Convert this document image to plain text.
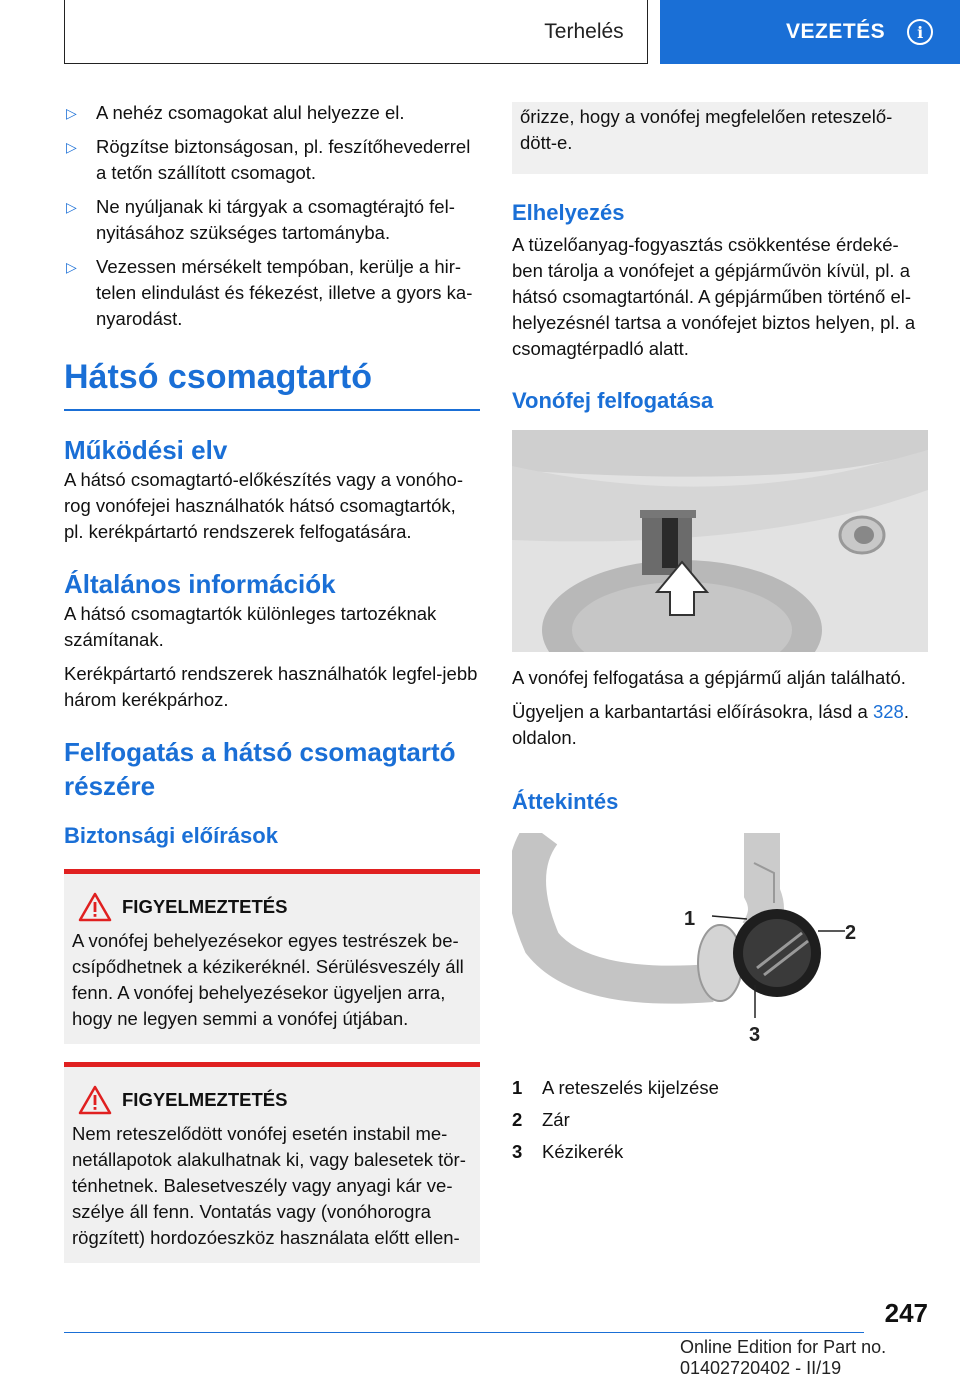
Terhelés	VEZETÉS	i
▷	A nehéz csomagokat alul helyezze el.
▷	Rögzítse biztonságosan, pl. feszítőhevederrel a tetőn szállított csomagot.
▷	Ne nyúljanak ki tárgyak a csomagtérajtó fel-nyitásához szükséges tartományba.
▷	Vezessen mérsékelt tempóban, kerülje a hir-telen elindulást és fékezést, illetve a gyors ka-nyarodást.
Hátsó csomagtartó
Működési elv

A hátsó csomagtartó-előkészítés vagy a vonóho-rog vonófejei használhatók hátsó csomagtartók, pl. kerékpártartó rendszerek felfogatására.

Általános információk

A hátsó csomagtartók különleges tartozéknak számítanak.

Kerékpártartó rendszerek használhatók legfel-jebb három kerékpárhoz.

Felfogatás a hátsó csomagtartó részére
Biztonsági előírások
FIGYELMEZTETÉS

A vonófej behelyezésekor egyes testrészek be-csípődhetnek a kézikeréknél. Sérülésveszély áll fenn. A vonófej behelyezésekor ügyeljen arra, hogy ne legyen semmi a vonófej útjában.

FIGYELMEZTETÉS

Nem reteszelődött vonófej esetén instabil me-netállapotok alakulhatnak ki, vagy balesetek tör-ténhetnek. Balesetveszély vagy anyagi kár ve-szélye áll fenn. Vontatás vagy (vonóhorogra rögzített) hordozóeszköz használata előtt ellen-

őrizze, hogy a vonófej megfelelően reteszelő-dött-e.

Elhelyezés

A tüzelőanyag-fogyasztás csökkentése érdeké-ben tárolja a vonófejet a gépjárművön kívül, pl. a hátsó csomagtartónál. A gépjárműben történő el-helyezésnél tartsa a vonófejet biztos helyen, pl. a csomagtérpadló alatt.

Vonófej felfogatása

A vonófej felfogatása a gépjármű alján található.

Ügyeljen a karbantartási előírásokra, lásd a 328. oldalon.

Áttekintés
1
2
3
1	A reteszelés kijelzése
2	Zár
3	Kézikerék
247
Online Edition for Part no. 01402720402 - II/19
